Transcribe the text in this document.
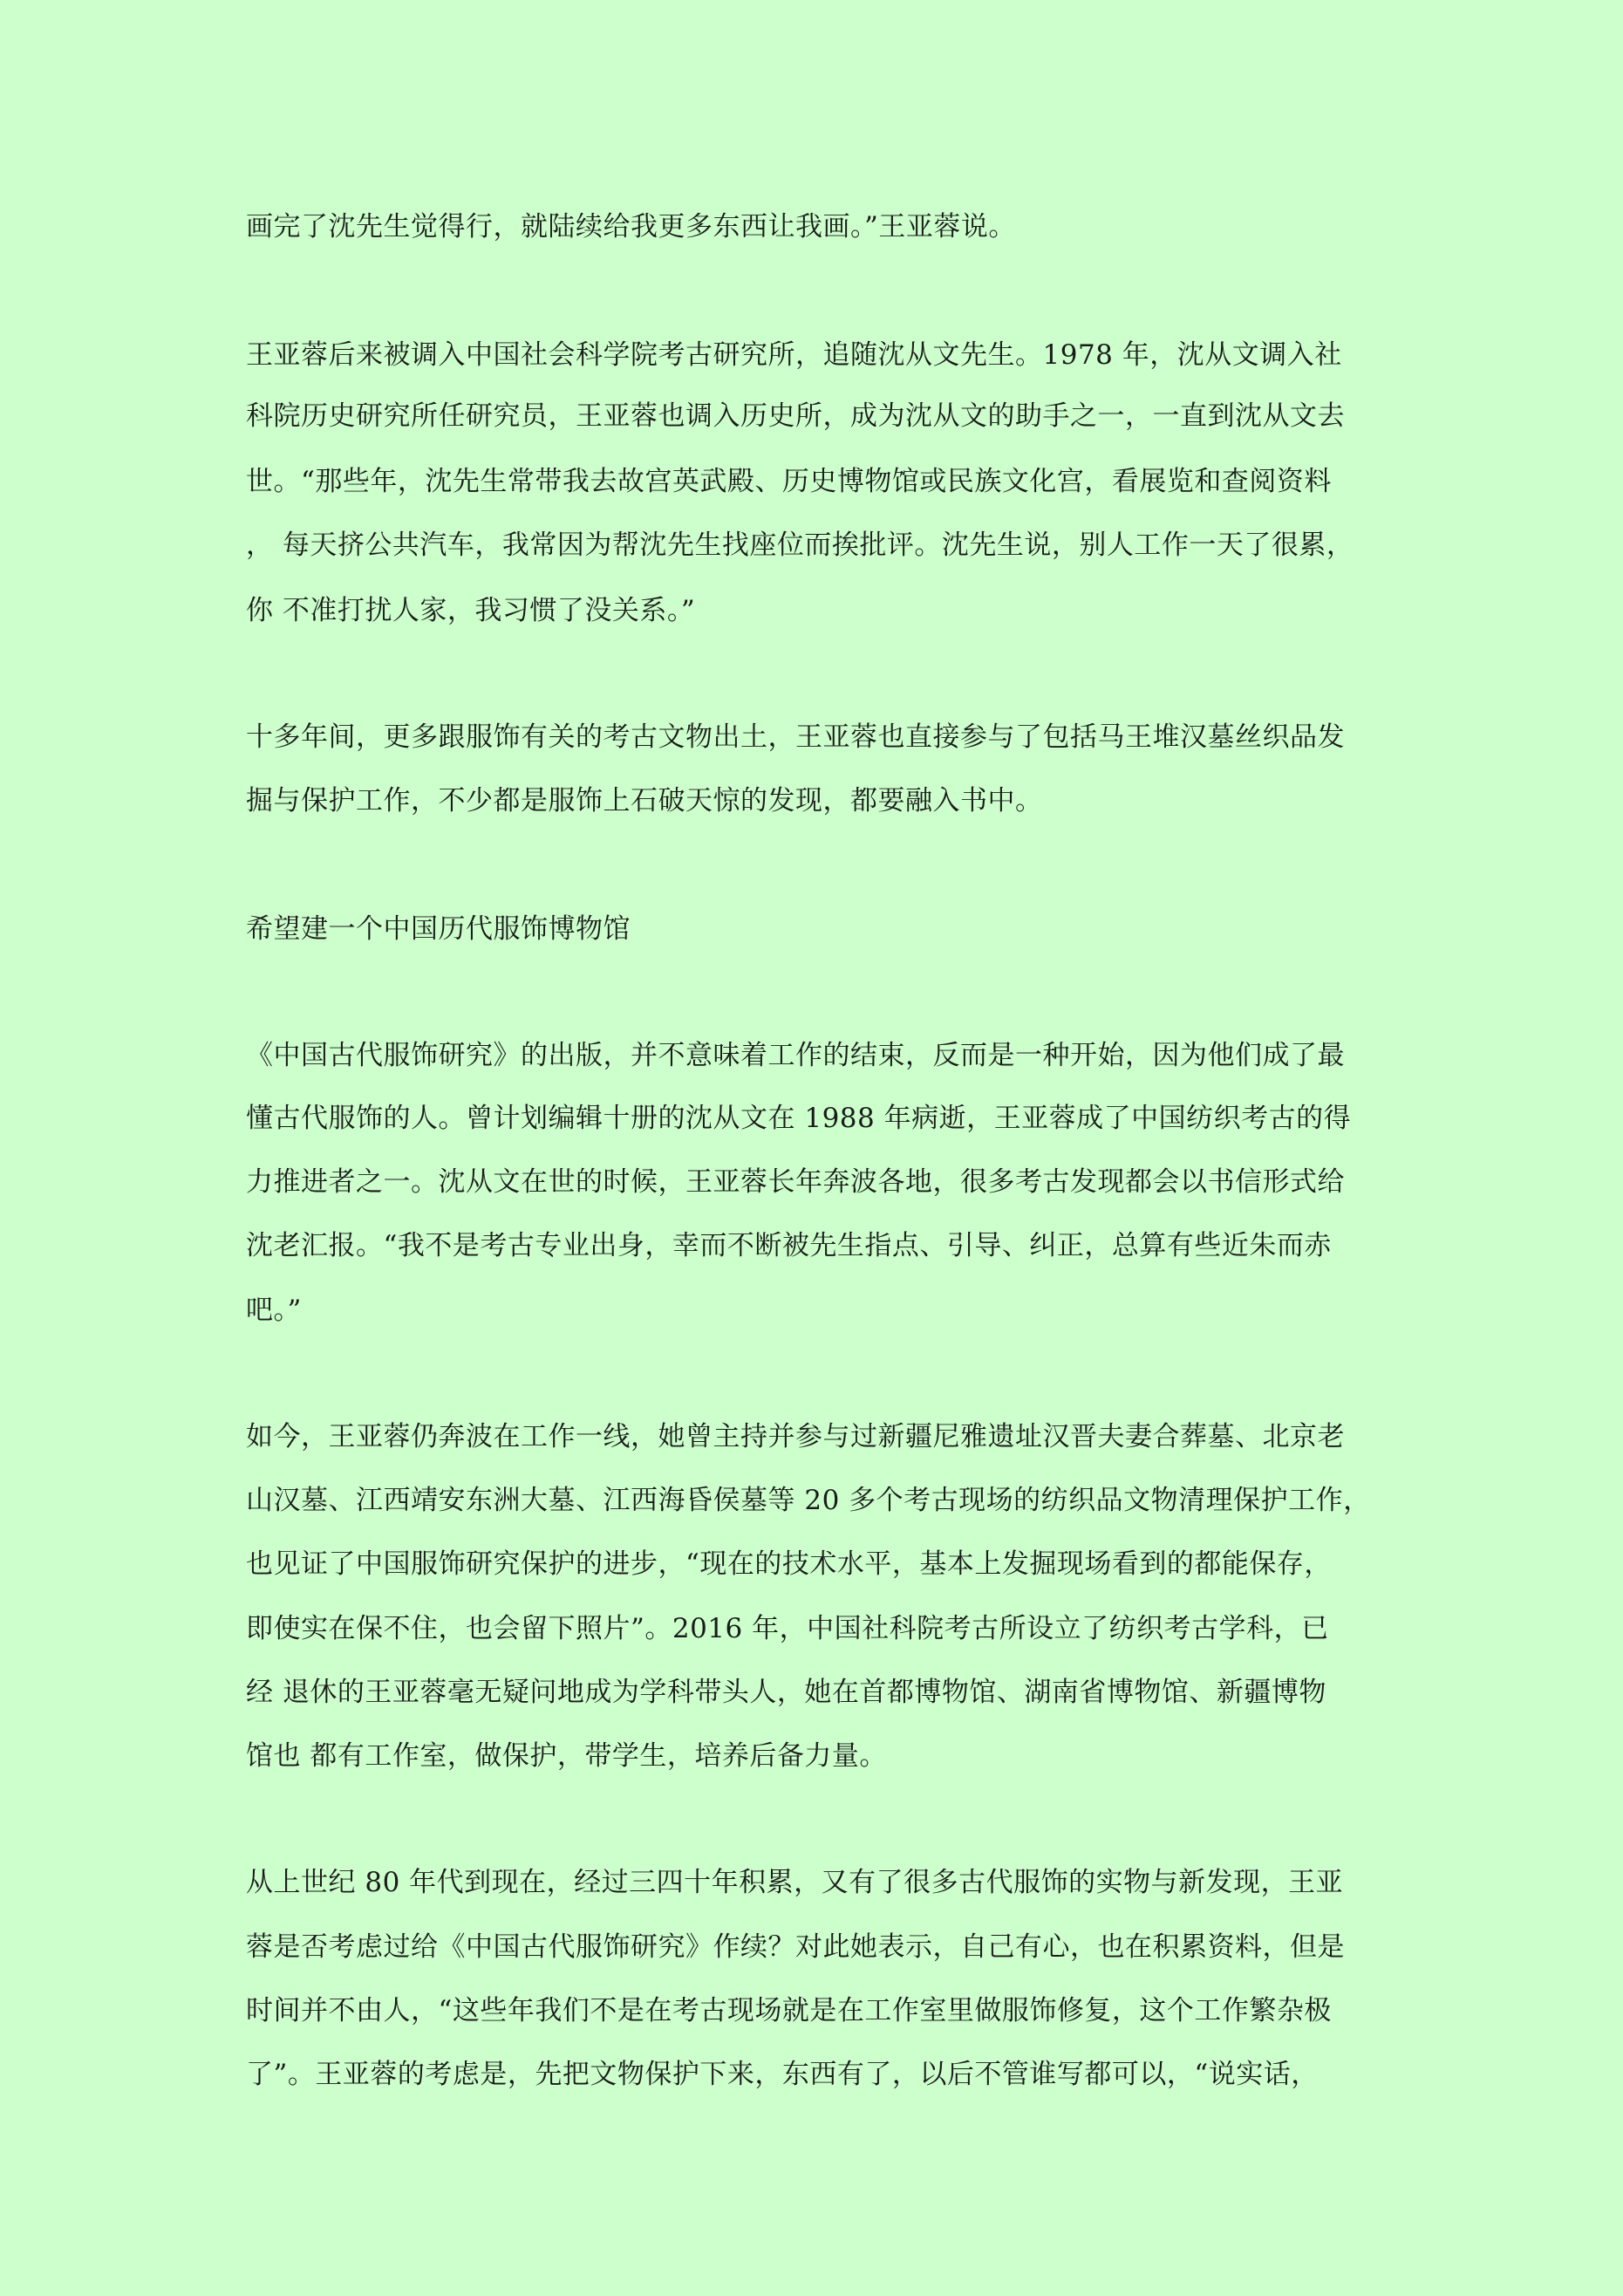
画完了沈先生觉得行，就陆续给我更多东西让我画。”王亚蓉说。
王亚蓉后来被调入中国社会科学院考古研究所，追随沈从文先生。1978 年，沈从文调入社
科院历史研究所任研究员，王亚蓉也调入历史所，成为沈从文的助手之一，一直到沈从文去
世。“那些年，沈先生常带我去故宫英武殿、历史博物馆或民族文化宫，看展览和查阅资料
， 每天挤公共汽车，我常因为帮沈先生找座位而挨批评。沈先生说，别人工作一天了很累，
你 不准打扰人家，我习惯了没关系。”
十多年间，更多跟服饰有关的考古文物出土，王亚蓉也直接参与了包括马王堆汉墓丝织品发
掘与保护工作，不少都是服饰上石破天惊的发现，都要融入书中。
希望建一个中国历代服饰博物馆
《中国古代服饰研究》的出版，并不意味着工作的结束，反而是一种开始，因为他们成了最
懂古代服饰的人。曾计划编辑十册的沈从文在 1988 年病逝，王亚蓉成了中国纺织考古的得
力推进者之一。沈从文在世的时候，王亚蓉长年奔波各地，很多考古发现都会以书信形式给
沈老汇报。“我不是考古专业出身，幸而不断被先生指点、引导、纠正，总算有些近朱而赤
吧。”
如今，王亚蓉仍奔波在工作一线，她曾主持并参与过新疆尼雅遗址汉晋夫妻合葬墓、北京老
山汉墓、江西靖安东洲大墓、江西海昏侯墓等 20 多个考古现场的纺织品文物清理保护工作，
也见证了中国服饰研究保护的进步，“现在的技术水平，基本上发掘现场看到的都能保存，
即使实在保不住，也会留下照片”。2016 年，中国社科院考古所设立了纺织考古学科，已
经 退休的王亚蓉毫无疑问地成为学科带头人，她在首都博物馆、湖南省博物馆、新疆博物
馆也 都有工作室，做保护，带学生，培养后备力量。
从上世纪 80 年代到现在，经过三四十年积累，又有了很多古代服饰的实物与新发现，王亚
蓉是否考虑过给《中国古代服饰研究》作续？对此她表示，自己有心，也在积累资料，但是
时间并不由人，“这些年我们不是在考古现场就是在工作室里做服饰修复，这个工作繁杂极
了”。王亚蓉的考虑是，先把文物保护下来，东西有了，以后不管谁写都可以，“说实话，
